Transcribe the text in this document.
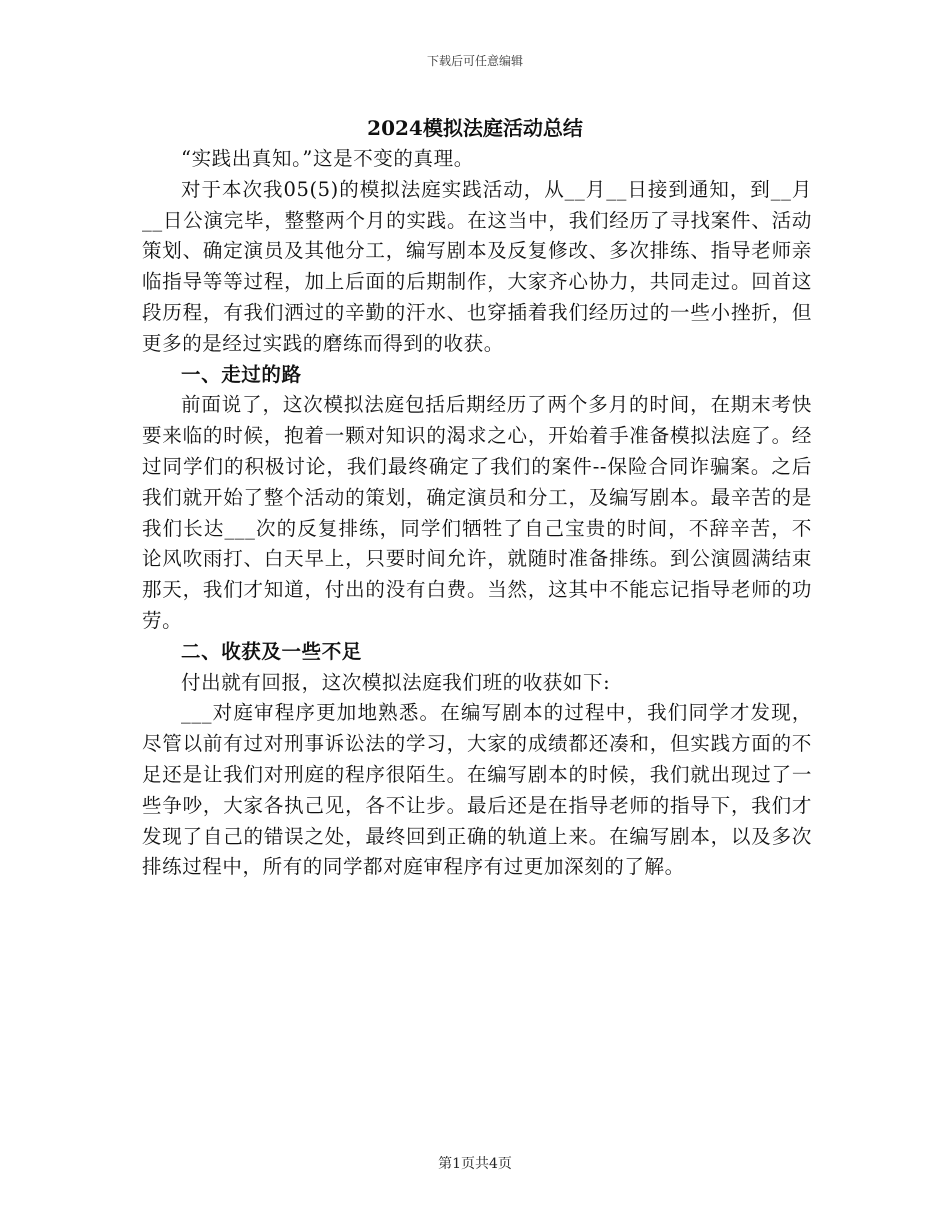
下载后可任意编辑
2024模拟法庭活动总结

“实践出真知。”这是不变的真理。

对于本次我05(5)的模拟法庭实践活动，从__月__日接到通知，到__月__日公演完毕，整整两个月的实践。在这当中，我们经历了寻找案件、活动策划、确定演员及其他分工，编写剧本及反复修改、多次排练、指导老师亲临指导等等过程，加上后面的后期制作，大家齐心协力，共同走过。回首这段历程，有我们洒过的辛勤的汗水、也穿插着我们经历过的一些小挫折，但更多的是经过实践的磨练而得到的收获。

一、走过的路

前面说了，这次模拟法庭包括后期经历了两个多月的时间，在期末考快要来临的时候，抱着一颗对知识的渴求之心，开始着手准备模拟法庭了。经过同学们的积极讨论，我们最终确定了我们的案件--保险合同诈骗案。之后我们就开始了整个活动的策划，确定演员和分工，及编写剧本。最辛苦的是我们长达___次的反复排练，同学们牺牲了自己宝贵的时间，不辞辛苦，不论风吹雨打、白天早上，只要时间允许，就随时准备排练。到公演圆满结束那天，我们才知道，付出的没有白费。当然，这其中不能忘记指导老师的功劳。

二、收获及一些不足

付出就有回报，这次模拟法庭我们班的收获如下:

___对庭审程序更加地熟悉。在编写剧本的过程中，我们同学才发现，尽管以前有过对刑事诉讼法的学习，大家的成绩都还凑和，但实践方面的不足还是让我们对刑庭的程序很陌生。在编写剧本的时候，我们就出现过了一些争吵，大家各执己见，各不让步。最后还是在指导老师的指导下，我们才发现了自己的错误之处，最终回到正确的轨道上来。在编写剧本，以及多次排练过程中，所有的同学都对庭审程序有过更加深刻的了解。

第1页共4页
